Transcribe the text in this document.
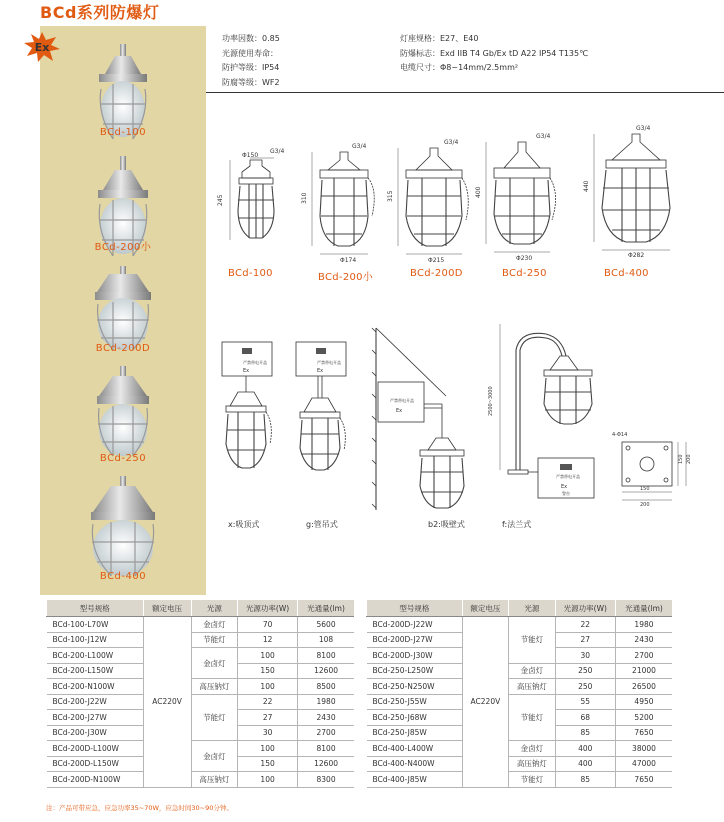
BCd系列防爆灯
Ex
BCd-100
BCd-200小
BCd-200D
BCd-250
BCd-400
功率因数： 0.85
光源使用寿命：
防护等级： IP54
防腐等级： WF2
灯座规格： E27、E40
防爆标志： Exd IIB T4 Gb/Ex tD A22 IP54 T135℃
电缆尺寸： Φ8~14mm/2.5mm²
G3/4
Φ150
245
G3/4
310
Φ174
G3/4
315
Φ215
G3/4
400
Φ230
G3/4
440
Φ282
BCd-100	BCd-200小	BCd-200D	BCd-250	BCd-400
严禁带电开盖
Ex
严禁带电开盖
Ex
严禁带电开盖
Ex	2500~3000
严禁带电开盖
Ex
警告
4-Φ14
150
200
150 200
x:吸顶式	g:管吊式	b2:吸壁式	f:法兰式
型号规格	额定电压	光源	光源功率(W)	光通量(lm)
BCd-100-L70W	AC220V	金卤灯	70	5600
BCd-100-J12W		节能灯	12	108
BCd-200-L100W		金卤灯	100	8100
BCd-200-L150W			150	12600
BCd-200-N100W		高压钠灯	100	8500
BCd-200-J22W		节能灯	22	1980
BCd-200-J27W			27	2430
BCd-200-J30W			30	2700
BCd-200D-L100W		金卤灯	100	8100
BCd-200D-L150W			150	12600
BCd-200D-N100W		高压钠灯	100	8300
型号规格	额定电压	光源	光源功率(W)	光通量(lm)
BCd-200D-J22W	AC220V	节能灯	22	1980
BCd-200D-J27W			27	2430
BCd-200D-J30W			30	2700
BCd-250-L250W		金卤灯	250	21000
BCd-250-N250W		高压钠灯	250	26500
BCd-250-J55W		节能灯	55	4950
BCd-250-J68W			68	5200
BCd-250-J85W			85	7650
BCd-400-L400W		金卤灯	400	38000
BCd-400-N400W		高压钠灯	400	47000
BCd-400-J85W		节能灯	85	7650
注：产品可带应急，应急功率35~70W，应急时间30~90分钟。
